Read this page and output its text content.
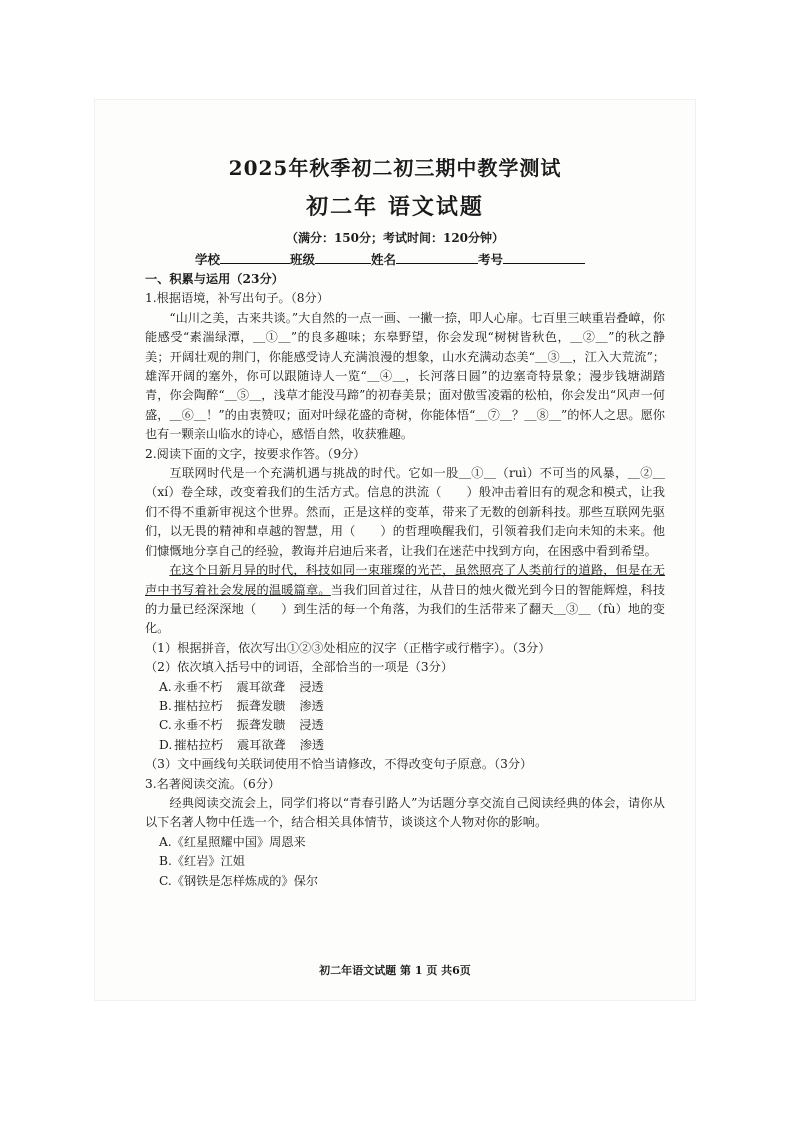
2025年秋季初二初三期中教学测试
初二年 语文试题
（满分：150分；考试时间：120分钟）
学校	班级	姓名	考号

一、积累与运用（23分）

1.根据语境，补写出句子。（8分）

“山川之美，古来共谈。”大自然的一点一画、一撇一捺，叩人心扉。七百里三峡重岩叠嶂，你能感受“素湍绿潭，＿①＿”的良多趣味；东皋野望，你会发现“树树皆秋色，＿②＿”的秋之静美；开阔壮观的荆门，你能感受诗人充满浪漫的想象，山水充满动态美“＿③＿，江入大荒流”；雄浑开阔的塞外，你可以跟随诗人一览“＿④＿，长河落日圆”的边塞奇特景象；漫步钱塘湖踏青，你会陶醉“＿⑤＿，浅草才能没马蹄”的初春美景；面对傲雪凌霜的松柏，你会发出“风声一何盛，＿⑥＿！”的由衷赞叹；面对叶绿花盛的奇树，你能体悟“＿⑦＿？＿⑧＿”的怀人之思。愿你也有一颗亲山临水的诗心，感悟自然，收获雅趣。

2.阅读下面的文字，按要求作答。（9分）

互联网时代是一个充满机遇与挑战的时代。它如一股＿①＿（ruì）不可当的风暴，＿②＿（xí）卷全球，改变着我们的生活方式。信息的洪流（　　）般冲击着旧有的观念和模式，让我们不得不重新审视这个世界。然而，正是这样的变革，带来了无数的创新科技。那些互联网先驱们，以无畏的精神和卓越的智慧，用（　　）的哲理唤醒我们，引领着我们走向未知的未来。他们慷慨地分享自己的经验，教诲并启迪后来者，让我们在迷茫中找到方向，在困惑中看到希望。

在这个日新月异的时代，科技如同一束璀璨的光芒，虽然照亮了人类前行的道路，但是在无声中书写着社会发展的温暖篇章。当我们回首过往，从昔日的烛火微光到今日的智能辉煌，科技的力量已经深深地（　　）到生活的每一个角落，为我们的生活带来了翻天＿③＿（fù）地的变化。

（1）根据拼音，依次写出①②③处相应的汉字（正楷字或行楷字）。（3分）

（2）依次填入括号中的词语，全部恰当的一项是（3分）

A. 永垂不朽 震耳欲聋 浸透

B. 摧枯拉朽 振聋发聩 渗透

C. 永垂不朽 振聋发聩 浸透

D. 摧枯拉朽 震耳欲聋 渗透

（3）文中画线句关联词使用不恰当请修改，不得改变句子原意。（3分）

3.名著阅读交流。（6分）

经典阅读交流会上，同学们将以“青春引路人”为话题分享交流自己阅读经典的体会，请你从以下名著人物中任选一个，结合相关具体情节，谈谈这个人物对你的影响。

A.《红星照耀中国》周恩来

B.《红岩》江姐

C.《钢铁是怎样炼成的》保尔

初二年语文试题 第 1 页 共6页
